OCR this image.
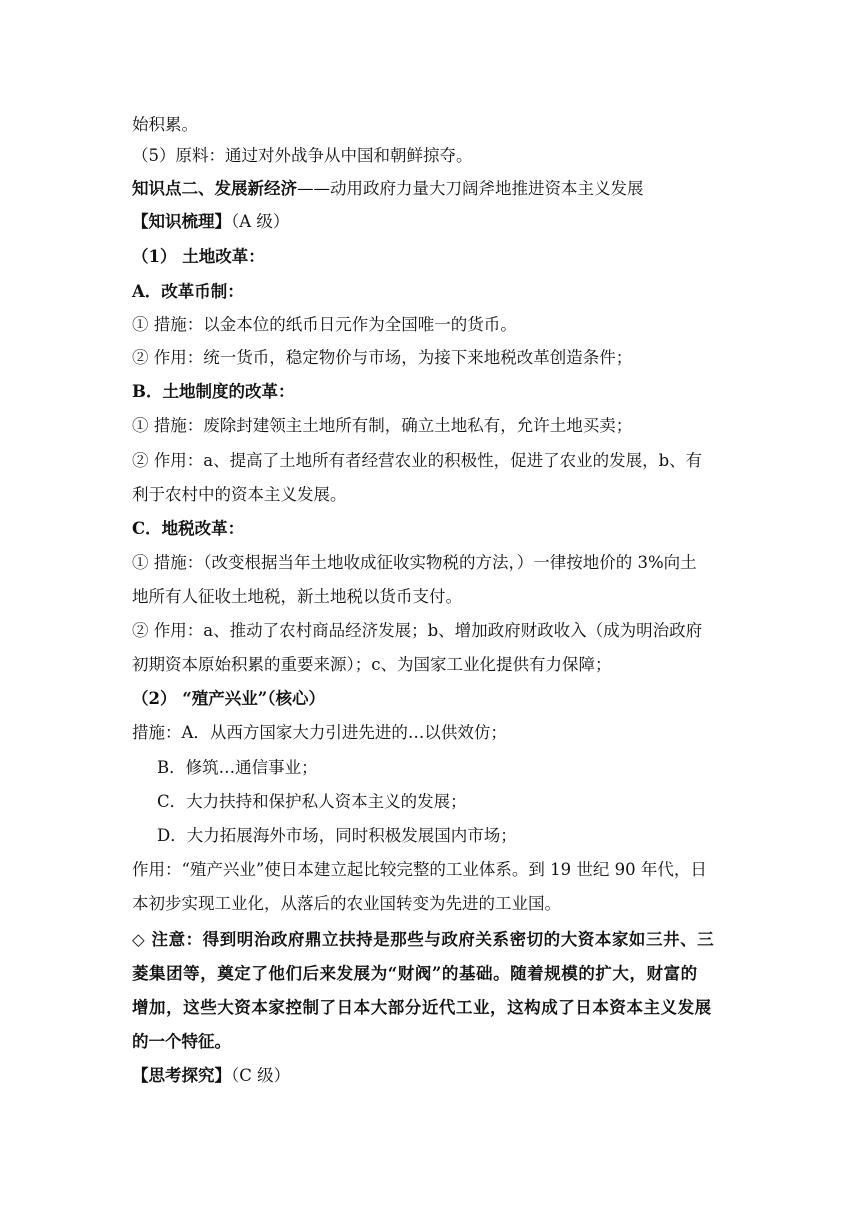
始积累。
（5）原料：通过对外战争从中国和朝鲜掠夺。
知识点二、发展新经济——动用政府力量大刀阔斧地推进资本主义发展
【知识梳理】（A 级）
（1） 土地改革：
A．改革币制：
① 措施：以金本位的纸币日元作为全国唯一的货币。
② 作用：统一货币，稳定物价与市场，为接下来地税改革创造条件；
B．土地制度的改革：
① 措施：废除封建领主土地所有制，确立土地私有，允许土地买卖；
② 作用：a、提高了土地所有者经营农业的积极性，促进了农业的发展，b、有
利于农村中的资本主义发展。
C．地税改革：
① 措施：（改变根据当年土地收成征收实物税的方法，）一律按地价的 3%向土
地所有人征收土地税，新土地税以货币支付。
② 作用：a、推动了农村商品经济发展；b、增加政府财政收入（成为明治政府
初期资本原始积累的重要来源）；c、为国家工业化提供有力保障；
（2） “殖产兴业”（核心）
措施：A．从西方国家大力引进先进的…以供效仿；
B．修筑…通信事业；
C．大力扶持和保护私人资本主义的发展；
D．大力拓展海外市场，同时积极发展国内市场；
作用：“殖产兴业”使日本建立起比较完整的工业体系。到 19 世纪 90 年代，日
本初步实现工业化，从落后的农业国转变为先进的工业国。
◇ 注意：得到明治政府鼎立扶持是那些与政府关系密切的大资本家如三井、三
菱集团等，奠定了他们后来发展为“财阀”的基础。随着规模的扩大，财富的
增加，这些大资本家控制了日本大部分近代工业，这构成了日本资本主义发展
的一个特征。
【思考探究】（C 级）
